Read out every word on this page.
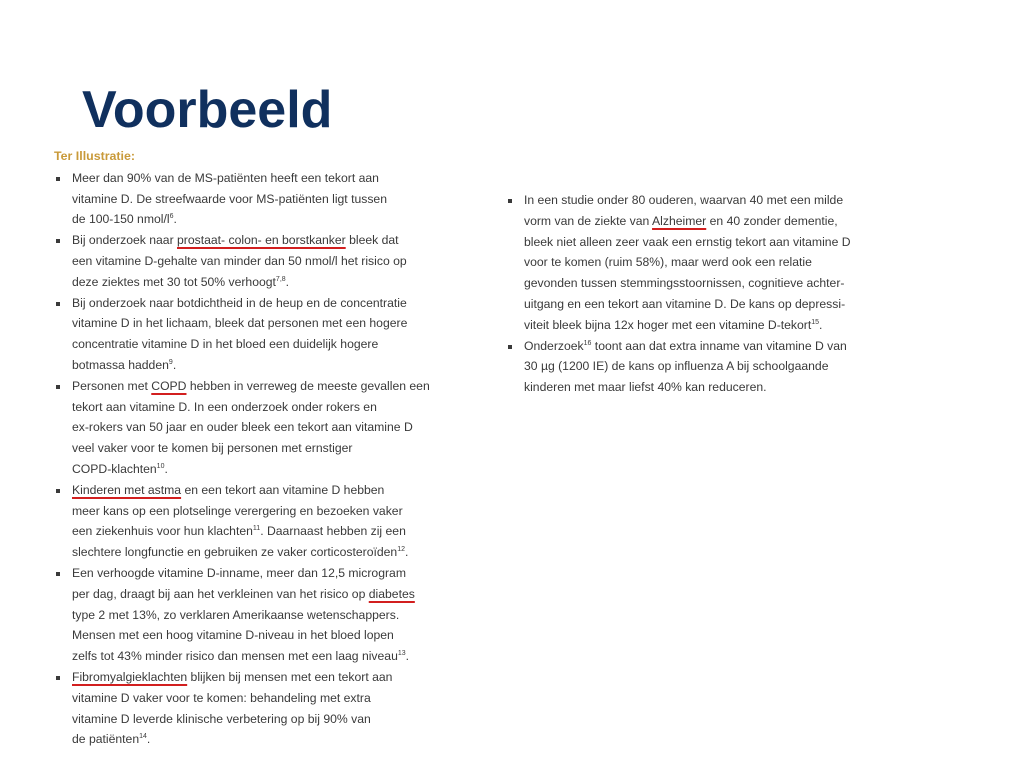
Voorbeeld
Ter Illustratie:
Meer dan 90% van de MS-patiënten heeft een tekort aan
vitamine D. De streefwaarde voor MS-patiënten ligt tussen
de 100-150 nmol/$l^6$.
Bij onderzoek naar prostaat- colon- en borstkanker bleek dat
een vitamine D-gehalte van minder dan 50 nmol/l het risico op
deze ziektes met 30 tot 50% verhoogt$^{7,8}$.
Bij onderzoek naar botdichtheid in de heup en de concentratie
vitamine D in het lichaam, bleek dat personen met een hogere
concentratie vitamine D in het bloed een duidelijk hogere
botmassa hadden$^9$.
Personen met COPD hebben in verreweg de meeste gevallen een
tekort aan vitamine D. In een onderzoek onder rokers en
ex-rokers van 50 jaar en ouder bleek een tekort aan vitamine D
veel vaker voor te komen bij personen met ernstiger
COPD-klachten$^{10}$.
Kinderen met astma en een tekort aan vitamine D hebben
meer kans op een plotselinge verergering en bezoeken vaker
een ziekenhuis voor hun klachten$^{11}$. Daarnaast hebben zij een
slechtere longfunctie en gebruiken ze vaker corticosteroïden$^{12}$.
Een verhoogde vitamine D-inname, meer dan 12,5 microgram
per dag, draagt bij aan het verkleinen van het risico op diabetes
type 2 met 13%, zo verklaren Amerikaanse wetenschappers.
Mensen met een hoog vitamine D-niveau in het bloed lopen
zelfs tot 43% minder risico dan mensen met een laag niveau$^{13}$.
Fibromyalgieklachten blijken bij mensen met een tekort aan
vitamine D vaker voor te komen: behandeling met extra
vitamine D leverde klinische verbetering op bij 90% van
de patiënten$^{14}$.
In een studie onder 80 ouderen, waarvan 40 met een milde
vorm van de ziekte van Alzheimer en 40 zonder dementie,
bleek niet alleen zeer vaak een ernstig tekort aan vitamine D
voor te komen (ruim 58%), maar werd ook een relatie
gevonden tussen stemmingsstoornissen, cognitieve achter-
uitgang en een tekort aan vitamine D. De kans op depressi-
viteit bleek bijna 12x hoger met een vitamine D-tekort$^{15}$.
Onderzoek$^{16}$ toont aan dat extra inname van vitamine D van
30 µg (1200 IE) de kans op influenza A bij schoolgaande
kinderen met maar liefst 40% kan reduceren.
